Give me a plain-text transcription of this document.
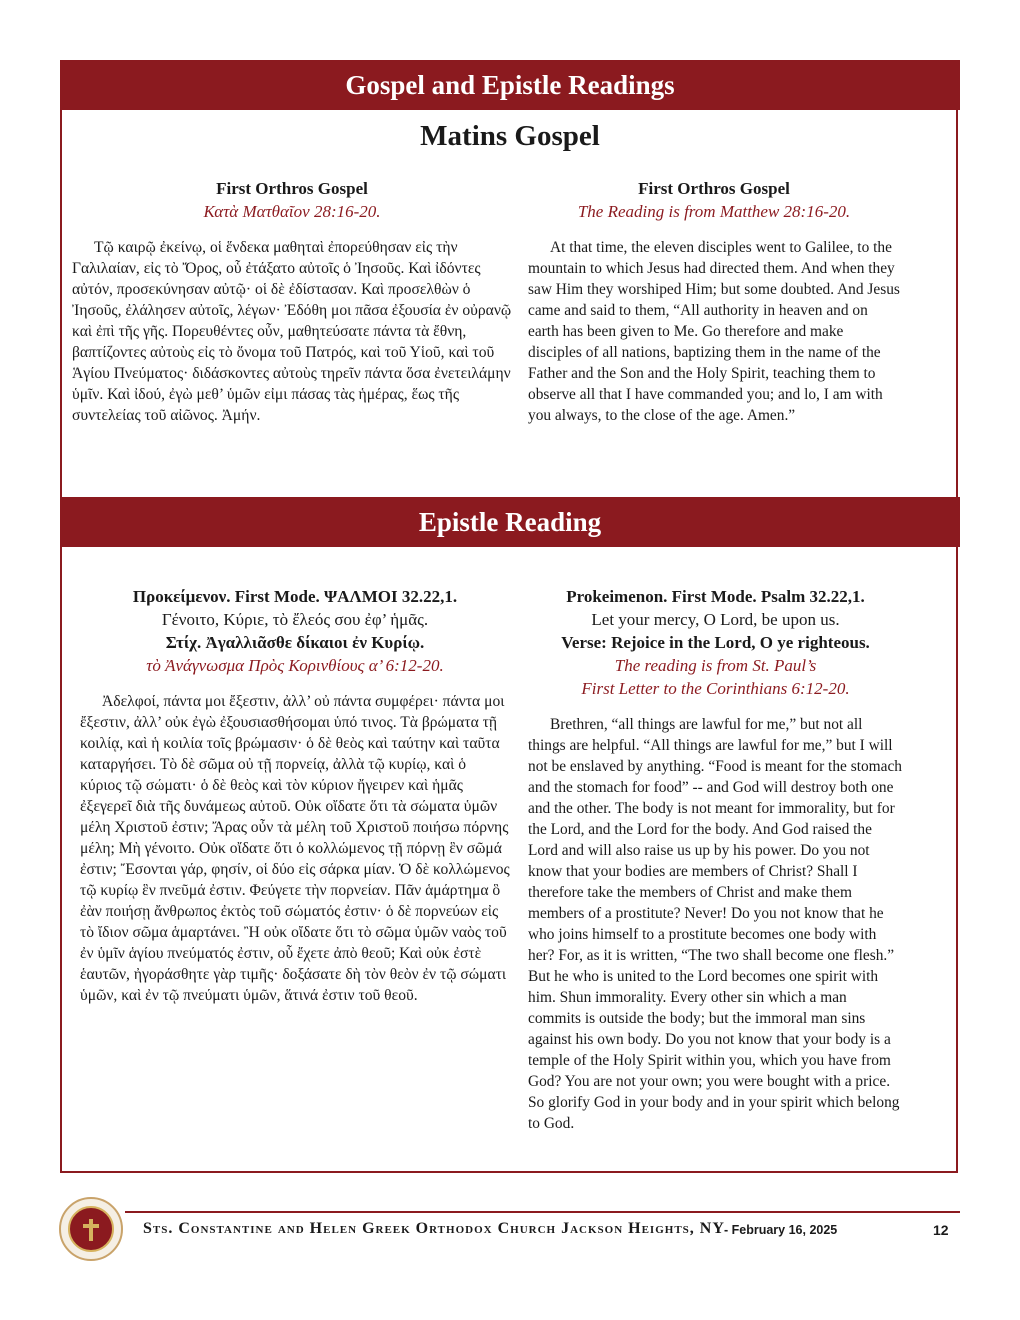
Gospel and Epistle Readings
Matins Gospel
First Orthros Gospel

Κατὰ Ματθαῖον 28:16-20.

Τῷ καιρῷ ἐκείνῳ, οἱ ἕνδεκα μαθηταὶ ἐπορεύθησαν εἰς τὴν Γαλιλαίαν, εἰς τὸ Ὄρος, οὗ ἐτάξατο αὐτοῖς ὁ Ἰησοῦς. Καὶ ἰδόντες αὐτόν, προσεκύνησαν αὐτῷ· οἱ δὲ ἐδίστασαν. Καὶ προσελθὼν ὁ Ἰησοῦς, ἐλάλησεν αὐτοῖς, λέγων· Ἐδόθη μοι πᾶσα ἐξουσία ἐν οὐρανῷ καὶ ἐπὶ τῆς γῆς. Πορευθέντες οὖν, μαθητεύσατε πάντα τὰ ἔθνη, βαπτίζοντες αὐτοὺς εἰς τὸ ὄνομα τοῦ Πατρός, καὶ τοῦ Υἱοῦ, καὶ τοῦ Ἁγίου Πνεύματος· διδάσκοντες αὐτοὺς τηρεῖν πάντα ὅσα ἐνετειλάμην ὑμῖν. Καὶ ἰδού, ἐγὼ μεθ’ ὑμῶν εἰμι πάσας τὰς ἡμέρας, ἕως τῆς συντελείας τοῦ αἰῶνος. Ἀμήν.

First Orthros Gospel

The Reading is from Matthew 28:16-20.

At that time, the eleven disciples went to Galilee, to the mountain to which Jesus had directed them. And when they saw Him they worshiped Him; but some doubted. And Jesus came and said to them, “All authority in heaven and on earth has been given to Me. Go therefore and make disciples of all nations, baptizing them in the name of the Father and the Son and the Holy Spirit, teaching them to observe all that I have commanded you; and lo, I am with you always, to the close of the age. Amen.”

Epistle Reading

Προκείμενον. First Mode. ΨΑΛΜΟΙ 32.22,1.

Γένοιτο, Κύριε, τὸ ἔλεός σου ἐφ’ ἡμᾶς.

Στίχ. Ἀγαλλιᾶσθε δίκαιοι ἐν Κυρίῳ.

τὸ Ἀνάγνωσμα Πρὸς Κορινθίους α’ 6:12-20.

Ἀδελφοί, πάντα μοι ἔξεστιν, ἀλλ’ οὐ πάντα συμφέρει· πάντα μοι ἔξεστιν, ἀλλ’ οὐκ ἐγὼ ἐξουσιασθήσομαι ὑπό τινος. Τὰ βρώματα τῇ κοιλίᾳ, καὶ ἡ κοιλία τοῖς βρώμασιν· ὁ δὲ θεὸς καὶ ταύτην καὶ ταῦτα καταργήσει. Τὸ δὲ σῶμα οὐ τῇ πορνείᾳ, ἀλλὰ τῷ κυρίῳ, καὶ ὁ κύριος τῷ σώματι· ὁ δὲ θεὸς καὶ τὸν κύριον ἤγειρεν καὶ ἡμᾶς ἐξεγερεῖ διὰ τῆς δυνάμεως αὐτοῦ. Οὐκ οἴδατε ὅτι τὰ σώματα ὑμῶν μέλη Χριστοῦ ἐστιν; Ἄρας οὖν τὰ μέλη τοῦ Χριστοῦ ποιήσω πόρνης μέλη; Μὴ γένοιτο. Οὐκ οἴδατε ὅτι ὁ κολλώμενος τῇ πόρνῃ ἓν σῶμά ἐστιν; Ἔσονται γάρ, φησίν, οἱ δύο εἰς σάρκα μίαν. Ὁ δὲ κολλώμενος τῷ κυρίῳ ἓν πνεῦμά ἐστιν. Φεύγετε τὴν πορνείαν. Πᾶν ἁμάρτημα ὃ ἐὰν ποιήσῃ ἄνθρωπος ἐκτὸς τοῦ σώματός ἐστιν· ὁ δὲ πορνεύων εἰς τὸ ἴδιον σῶμα ἁμαρτάνει. Ἢ οὐκ οἴδατε ὅτι τὸ σῶμα ὑμῶν ναὸς τοῦ ἐν ὑμῖν ἁγίου πνεύματός ἐστιν, οὗ ἔχετε ἀπὸ θεοῦ; Καὶ οὐκ ἐστὲ ἑαυτῶν, ἠγοράσθητε γὰρ τιμῆς· δοξάσατε δὴ τὸν θεὸν ἐν τῷ σώματι ὑμῶν, καὶ ἐν τῷ πνεύματι ὑμῶν, ἅτινά ἐστιν τοῦ θεοῦ.

Prokeimenon. First Mode. Psalm 32.22,1.

Let your mercy, O Lord, be upon us.

Verse: Rejoice in the Lord, O ye righteous.

The reading is from St. Paul’s

First Letter to the Corinthians 6:12-20.

Brethren, “all things are lawful for me,” but not all things are helpful. “All things are lawful for me,” but I will not be enslaved by anything. “Food is meant for the stomach and the stomach for food” -- and God will destroy both one and the other. The body is not meant for immorality, but for the Lord, and the Lord for the body. And God raised the Lord and will also raise us up by his power. Do you not know that your bodies are members of Christ? Shall I therefore take the members of Christ and make them members of a prostitute? Never! Do you not know that he who joins himself to a prostitute becomes one body with her? For, as it is written, “The two shall become one flesh.” But he who is united to the Lord becomes one spirit with him. Shun immorality. Every other sin which a man commits is outside the body; but the immoral man sins against his own body. Do you not know that your body is a temple of the Holy Spirit within you, which you have from God? You are not your own; you were bought with a price. So glorify God in your body and in your spirit which belong to God.

Sts. Constantine and Helen Greek Orthodox Church Jackson Heights, NY - February 16, 2025	12
